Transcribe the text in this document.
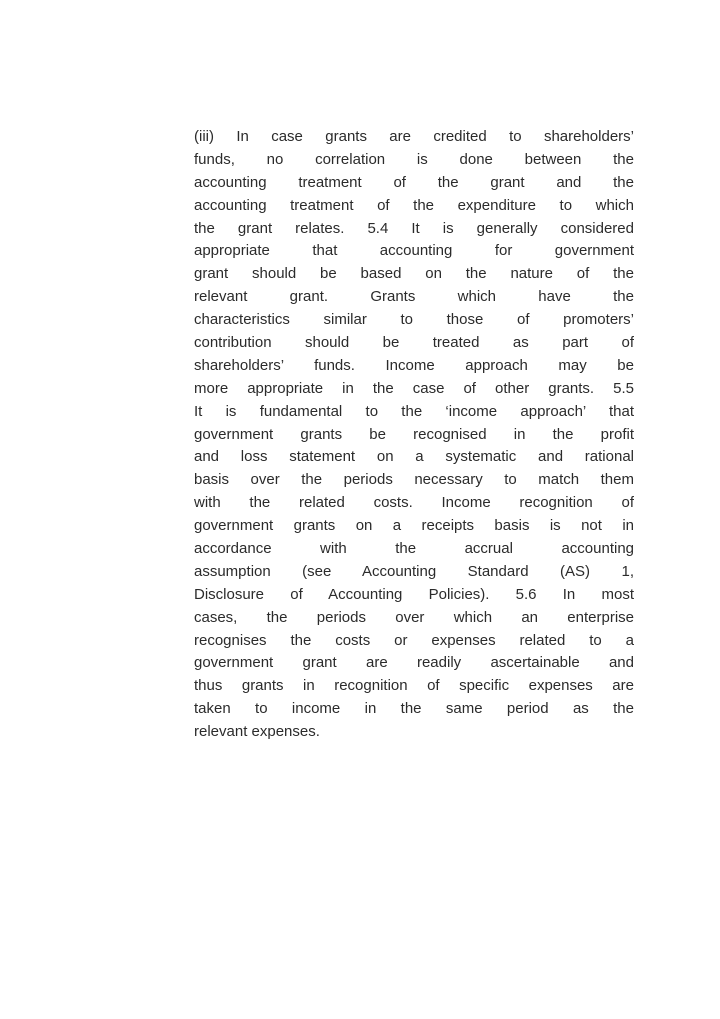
(iii) In case grants are credited to shareholders’
funds, no correlation is done between the
accounting treatment of the grant and the
accounting treatment of the expenditure to which
the grant relates. 5.4 It is generally considered
appropriate that accounting for government
grant should be based on the nature of the
relevant grant. Grants which have the
characteristics similar to those of promoters’
contribution should be treated as part of
shareholders’ funds. Income approach may be
more appropriate in the case of other grants. 5.5
It is fundamental to the ‘income approach’ that
government grants be recognised in the profit
and loss statement on a systematic and rational
basis over the periods necessary to match them
with the related costs. Income recognition of
government grants on a receipts basis is not in
accordance with the accrual accounting
assumption (see Accounting Standard (AS) 1,
Disclosure of Accounting Policies). 5.6 In most
cases, the periods over which an enterprise
recognises the costs or expenses related to a
government grant are readily ascertainable and
thus grants in recognition of specific expenses are
taken to income in the same period as the
relevant expenses.
